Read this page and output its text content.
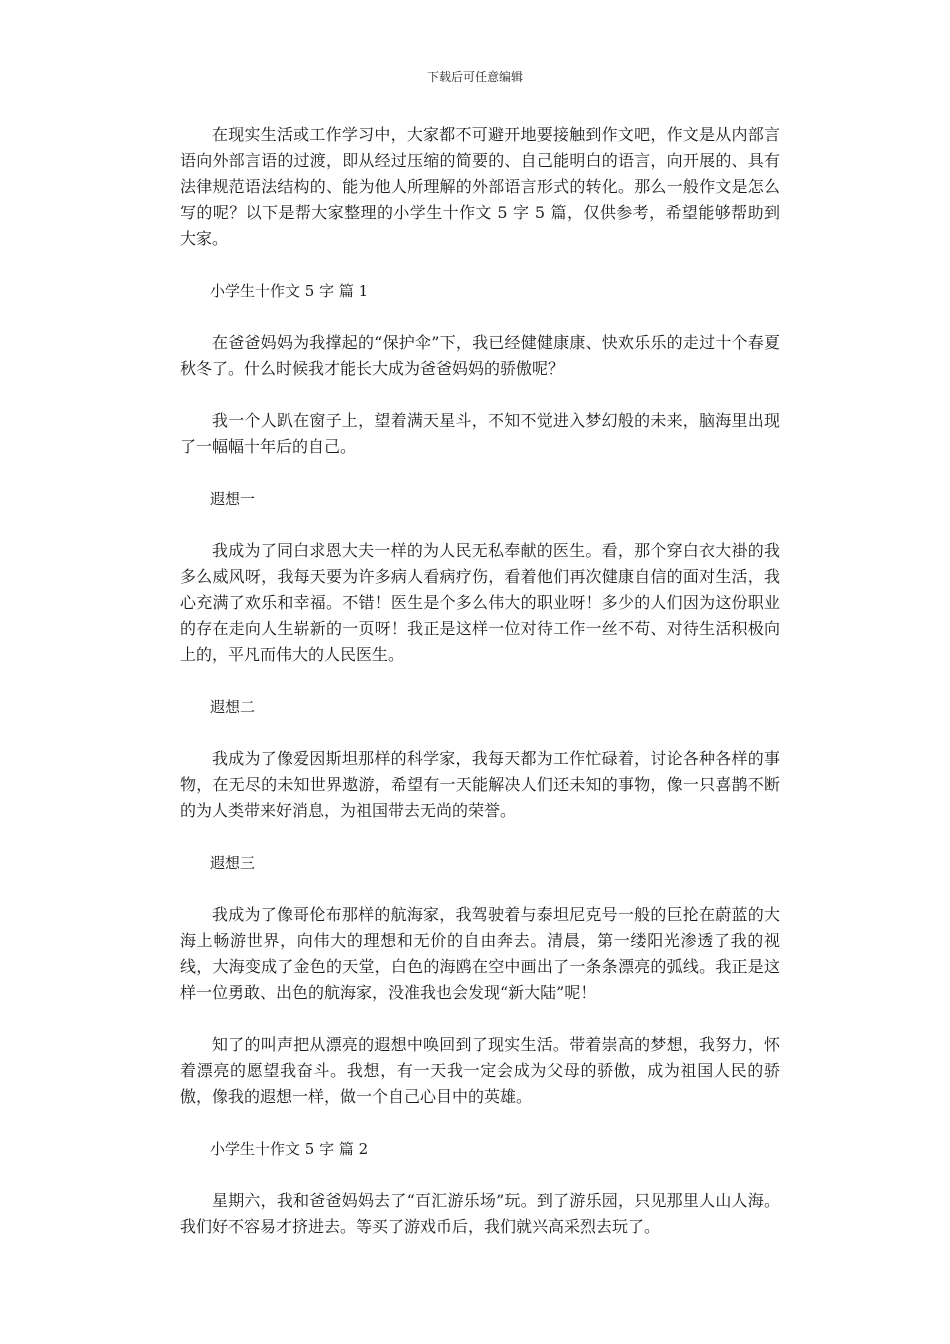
下载后可任意编辑

在现实生活或工作学习中，大家都不可避开地要接触到作文吧，作文是从内部言语向外部言语的过渡，即从经过压缩的简要的、自己能明白的语言，向开展的、具有法律规范语法结构的、能为他人所理解的外部语言形式的转化。那么一般作文是怎么写的呢？以下是帮大家整理的小学生十作文 5 字 5 篇，仅供参考，希望能够帮助到大家。

小学生十作文 5 字 篇 1

在爸爸妈妈为我撑起的“保护伞”下，我已经健健康康、快欢乐乐的走过十个春夏秋冬了。什么时候我才能长大成为爸爸妈妈的骄傲呢？

我一个人趴在窗子上，望着满天星斗，不知不觉进入梦幻般的未来，脑海里出现了一幅幅十年后的自己。

遐想一

我成为了同白求恩大夫一样的为人民无私奉献的医生。看，那个穿白衣大褂的我多么威风呀，我每天要为许多病人看病疗伤，看着他们再次健康自信的面对生活，我心充满了欢乐和幸福。不错！医生是个多么伟大的职业呀！多少的人们因为这份职业的存在走向人生崭新的一页呀！我正是这样一位对待工作一丝不苟、对待生活积极向上的，平凡而伟大的人民医生。

遐想二

我成为了像爱因斯坦那样的科学家，我每天都为工作忙碌着，讨论各种各样的事物，在无尽的未知世界遨游，希望有一天能解决人们还未知的事物，像一只喜鹊不断的为人类带来好消息，为祖国带去无尚的荣誉。

遐想三

我成为了像哥伦布那样的航海家，我驾驶着与泰坦尼克号一般的巨抡在蔚蓝的大海上畅游世界，向伟大的理想和无价的自由奔去。清晨，第一缕阳光渗透了我的视线，大海变成了金色的天堂，白色的海鸥在空中画出了一条条漂亮的弧线。我正是这样一位勇敢、出色的航海家，没准我也会发现“新大陆”呢！

知了的叫声把从漂亮的遐想中唤回到了现实生活。带着崇高的梦想，我努力，怀着漂亮的愿望我奋斗。我想，有一天我一定会成为父母的骄傲，成为祖国人民的骄傲，像我的遐想一样，做一个自己心目中的英雄。

小学生十作文 5 字 篇 2

星期六，我和爸爸妈妈去了“百汇游乐场”玩。到了游乐园，只见那里人山人海。我们好不容易才挤进去。等买了游戏币后，我们就兴高采烈去玩了。
